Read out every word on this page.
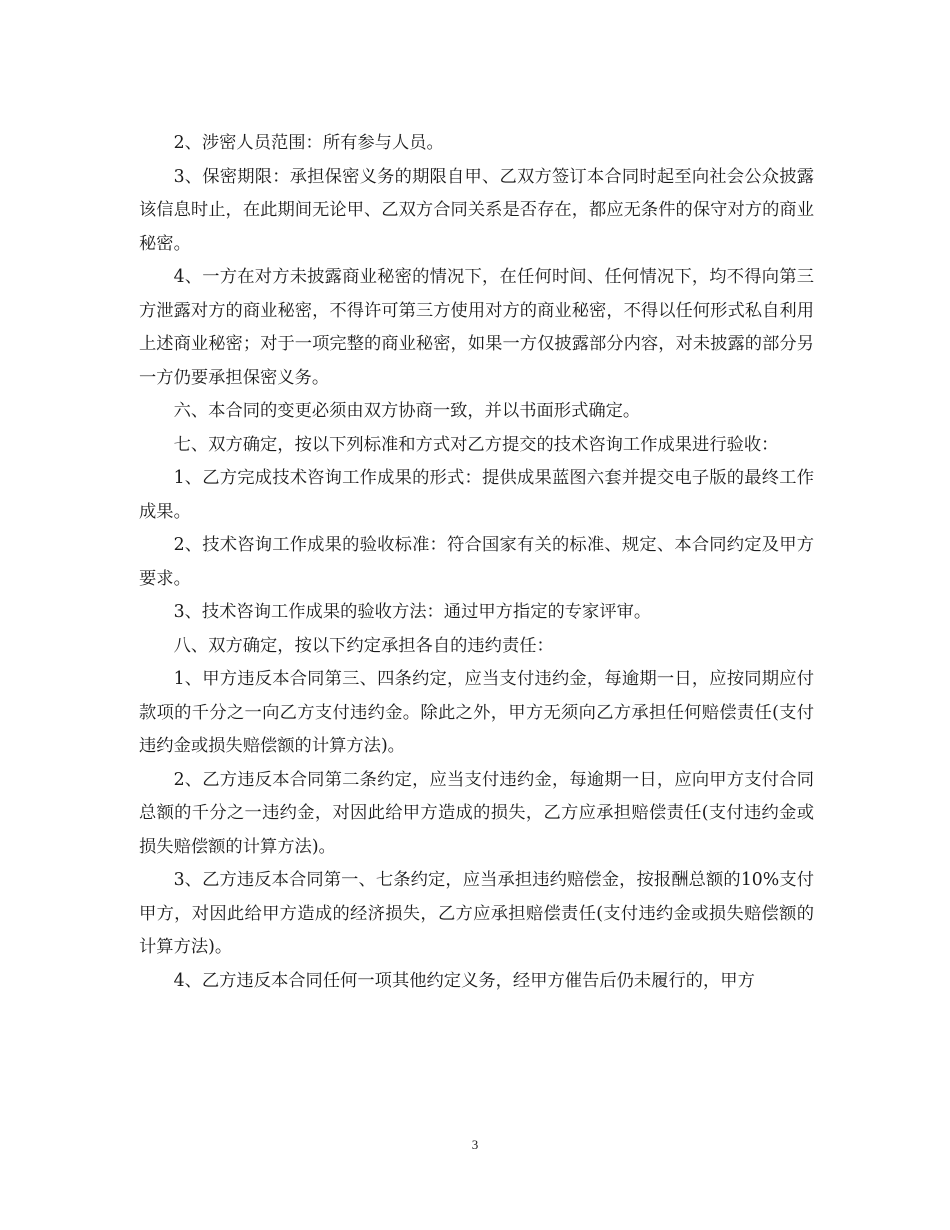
2、涉密人员范围：所有参与人员。

3、保密期限：承担保密义务的期限自甲、乙双方签订本合同时起至向社会公众披露该信息时止，在此期间无论甲、乙双方合同关系是否存在，都应无条件的保守对方的商业秘密。

4、一方在对方未披露商业秘密的情况下，在任何时间、任何情况下，均不得向第三方泄露对方的商业秘密，不得许可第三方使用对方的商业秘密，不得以任何形式私自利用上述商业秘密；对于一项完整的商业秘密，如果一方仅披露部分内容，对未披露的部分另一方仍要承担保密义务。

六、本合同的变更必须由双方协商一致，并以书面形式确定。

七、双方确定，按以下列标准和方式对乙方提交的技术咨询工作成果进行验收：

1、乙方完成技术咨询工作成果的形式：提供成果蓝图六套并提交电子版的最终工作成果。

2、技术咨询工作成果的验收标准：符合国家有关的标准、规定、本合同约定及甲方要求。

3、技术咨询工作成果的验收方法：通过甲方指定的专家评审。

八、双方确定，按以下约定承担各自的违约责任：

1、甲方违反本合同第三、四条约定，应当支付违约金，每逾期一日，应按同期应付款项的千分之一向乙方支付违约金。除此之外，甲方无须向乙方承担任何赔偿责任(支付违约金或损失赔偿额的计算方法)。

2、乙方违反本合同第二条约定，应当支付违约金，每逾期一日，应向甲方支付合同总额的千分之一违约金，对因此给甲方造成的损失，乙方应承担赔偿责任(支付违约金或损失赔偿额的计算方法)。

3、乙方违反本合同第一、七条约定，应当承担违约赔偿金，按报酬总额的10%支付甲方，对因此给甲方造成的经济损失，乙方应承担赔偿责任(支付违约金或损失赔偿额的计算方法)。

4、乙方违反本合同任何一项其他约定义务，经甲方催告后仍未履行的，甲方

3
